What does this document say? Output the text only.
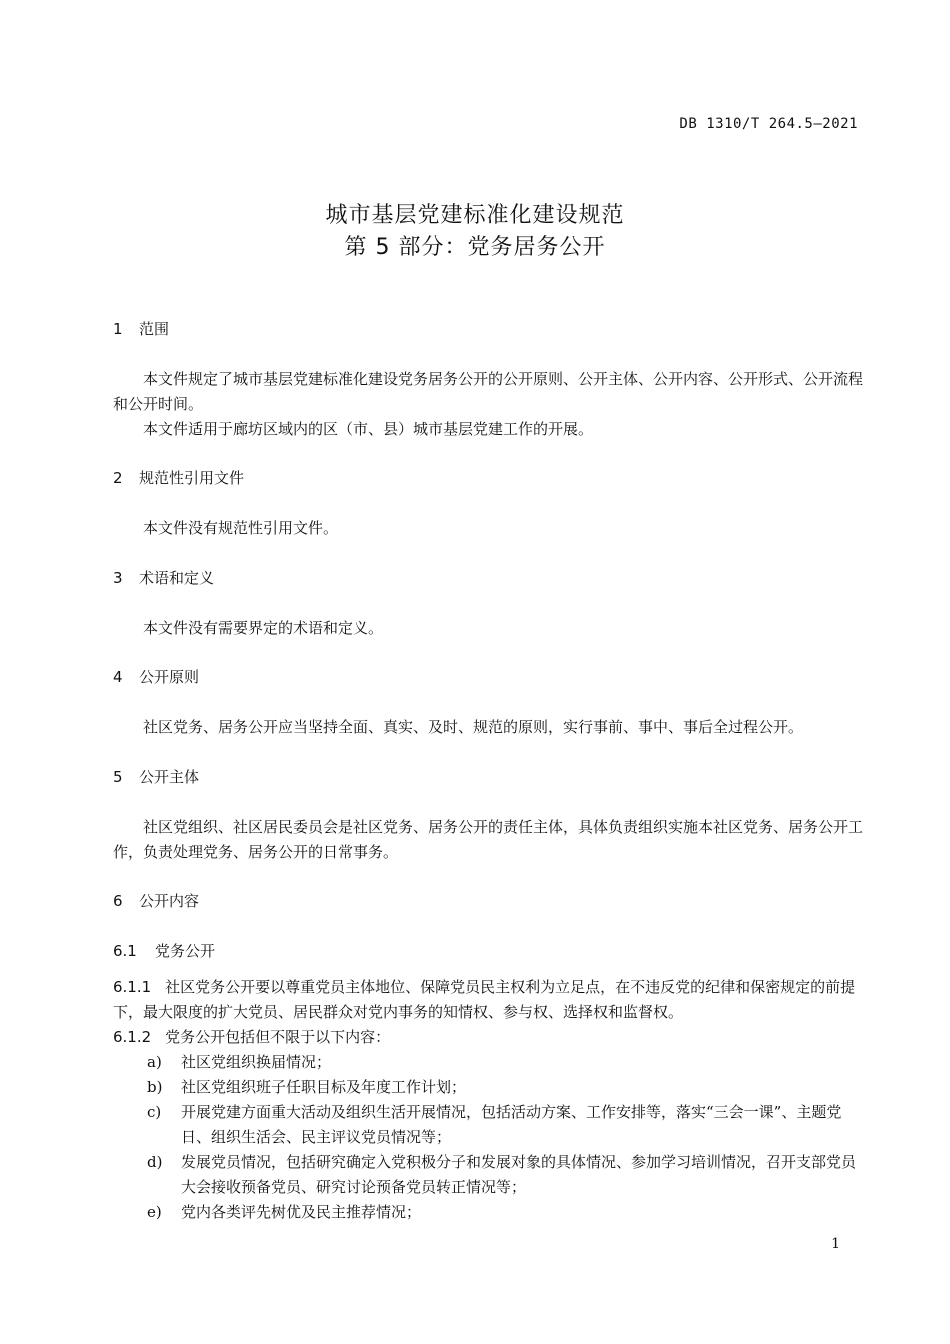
DB 1310/T 264.5—2021
城市基层党建标准化建设规范
第 5 部分：党务居务公开
1 范围
本文件规定了城市基层党建标准化建设党务居务公开的公开原则、公开主体、公开内容、公开形式、公开流程和公开时间。
本文件适用于廊坊区域内的区（市、县）城市基层党建工作的开展。
2 规范性引用文件
本文件没有规范性引用文件。
3 术语和定义
本文件没有需要界定的术语和定义。
4 公开原则
社区党务、居务公开应当坚持全面、真实、及时、规范的原则，实行事前、事中、事后全过程公开。
5 公开主体
社区党组织、社区居民委员会是社区党务、居务公开的责任主体，具体负责组织实施本社区党务、居务公开工作，负责处理党务、居务公开的日常事务。
6 公开内容
6.1 党务公开
6.1.1 社区党务公开要以尊重党员主体地位、保障党员民主权利为立足点，在不违反党的纪律和保密规定的前提下，最大限度的扩大党员、居民群众对党内事务的知情权、参与权、选择权和监督权。
6.1.2 党务公开包括但不限于以下内容：
a)	社区党组织换届情况；
b)	社区党组织班子任职目标及年度工作计划；
c)	开展党建方面重大活动及组织生活开展情况，包括活动方案、工作安排等，落实“三会一课”、主题党日、组织生活会、民主评议党员情况等；
d)	发展党员情况，包括研究确定入党积极分子和发展对象的具体情况、参加学习培训情况，召开支部党员大会接收预备党员、研究讨论预备党员转正情况等；
e)	党内各类评先树优及民主推荐情况；
1
